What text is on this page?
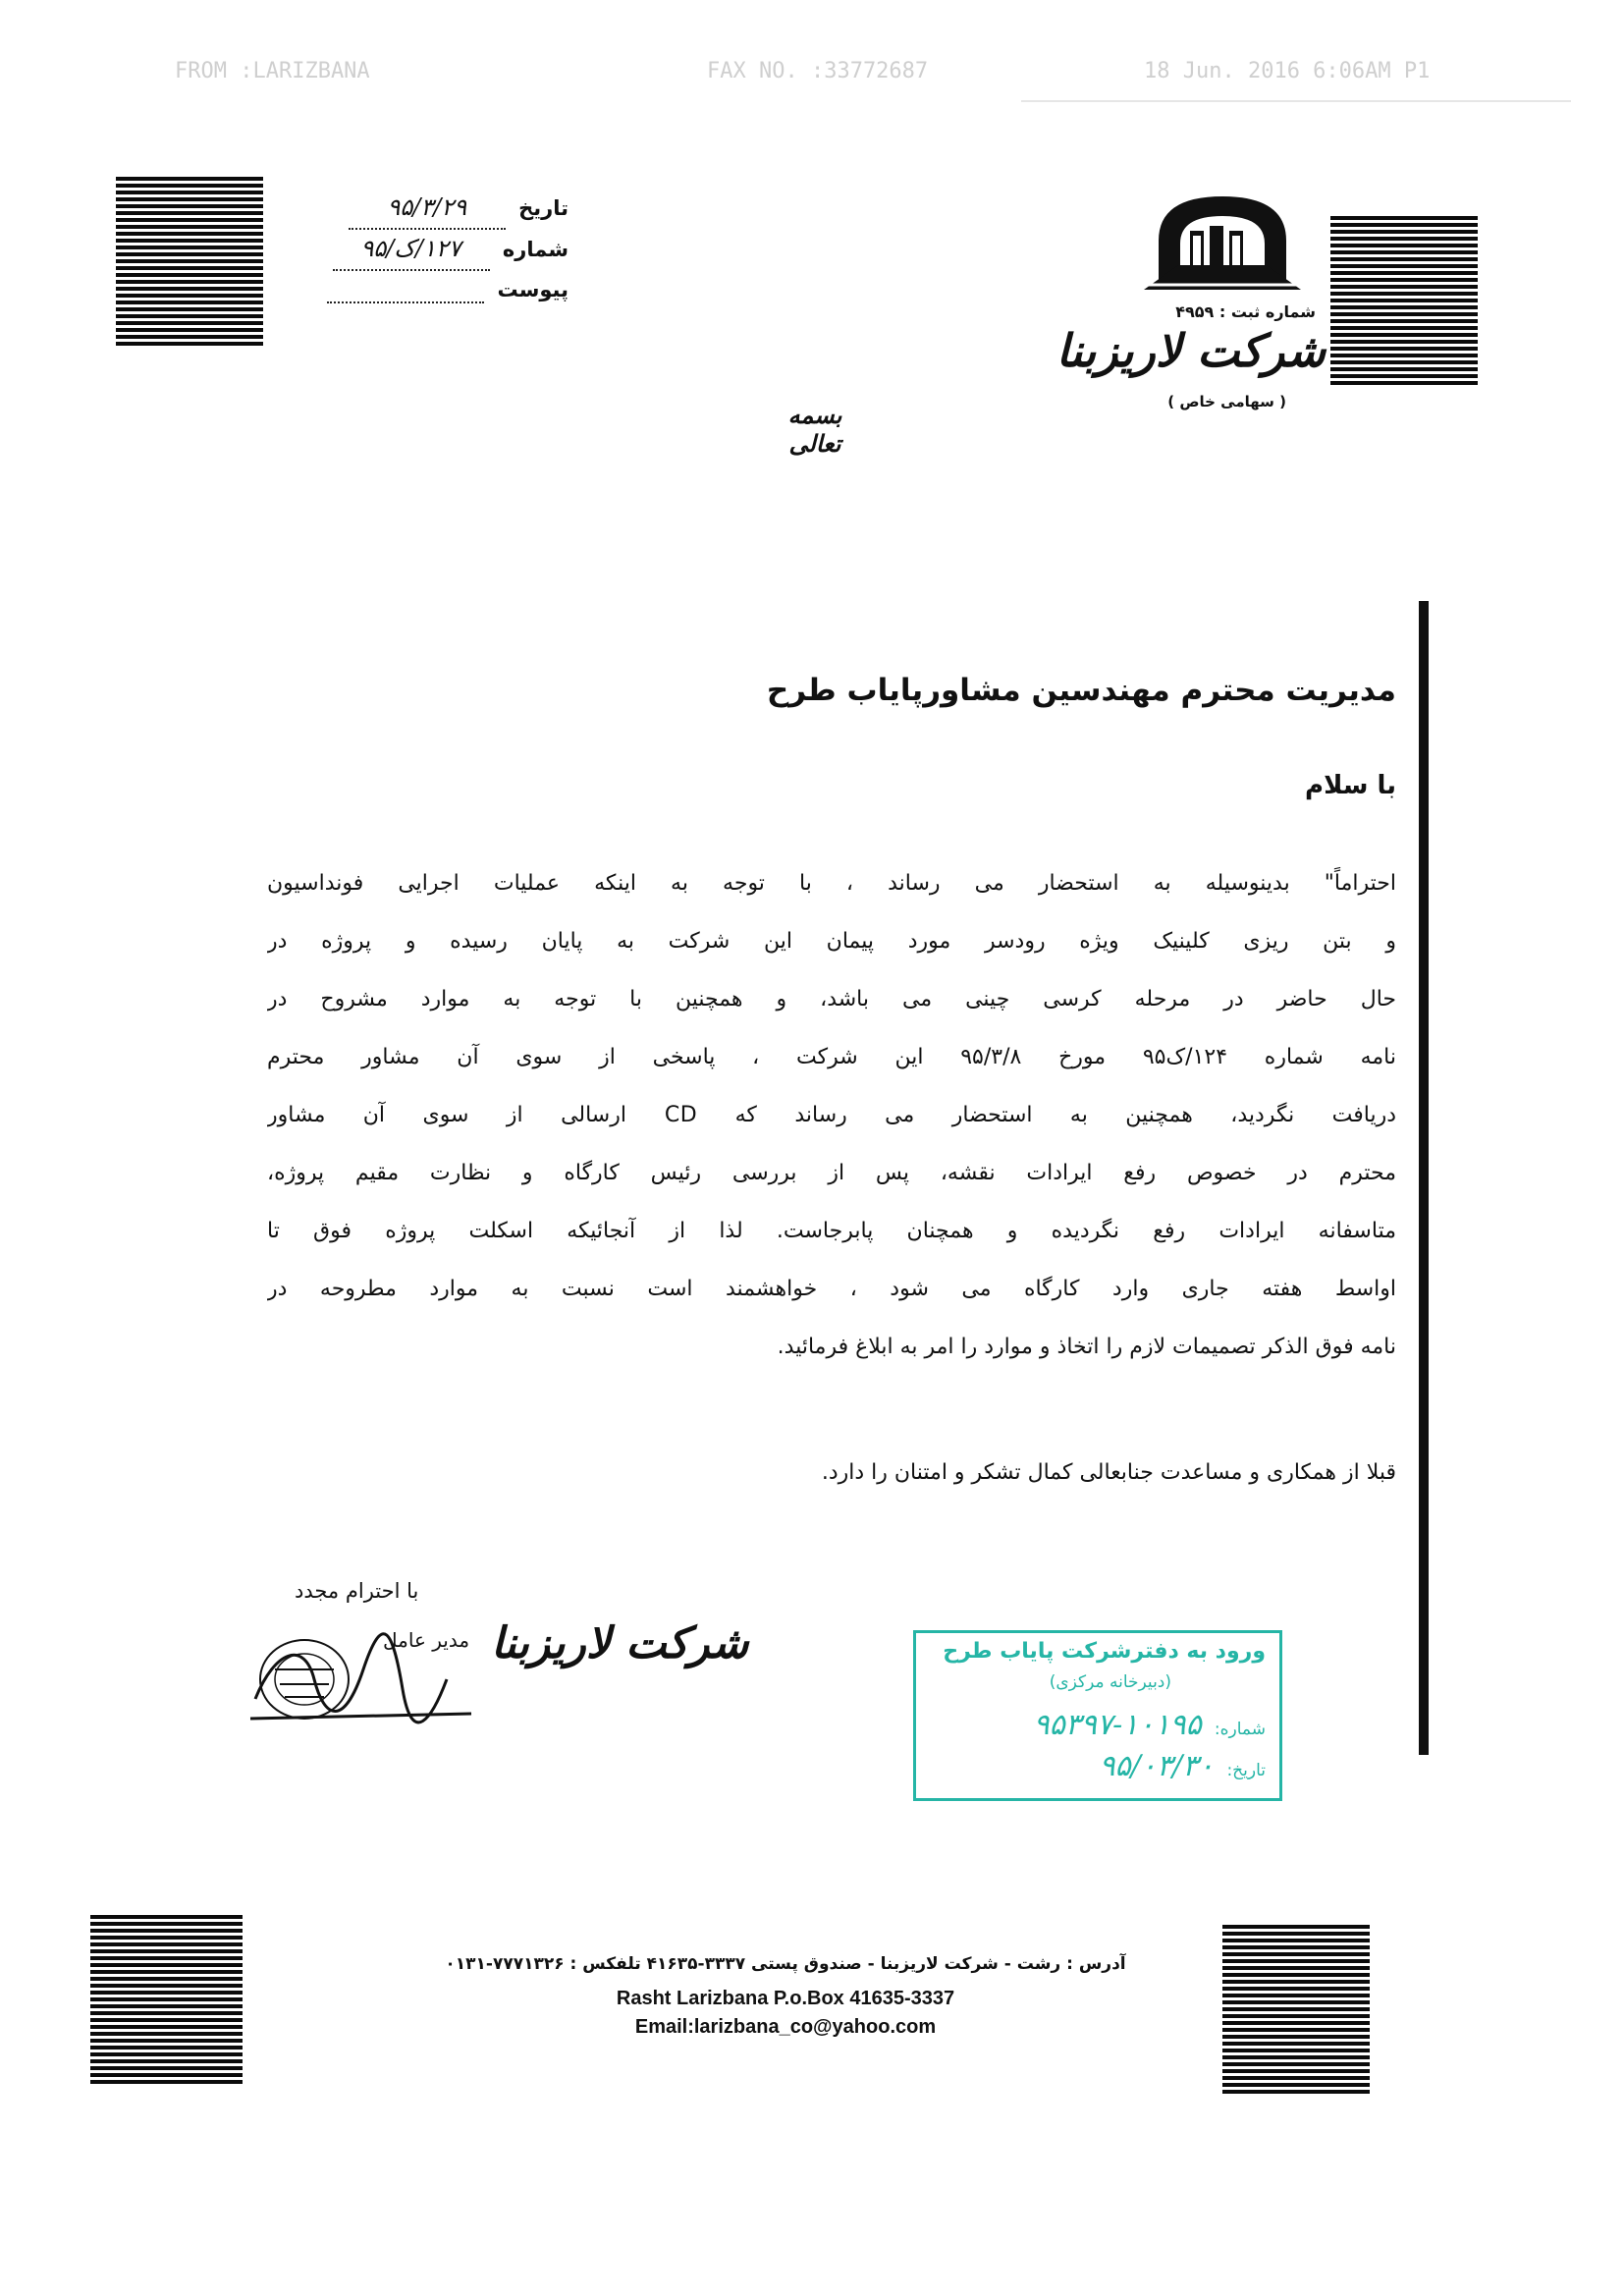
FROM :LARIZBANA	FAX NO. :33772687	18 Jun. 2016 6:06AM P1
تاریخ ۹۵/۳/۲۹
شماره ۱۲۷/ک/۹۵
پیوست
شماره ثبت : ۴۹۵۹
شرکت لاریزبنا
( سهامی خاص )
بسمه تعالی
مدیریت محترم مهندسین مشاورپایاب طرح
با سلام
احتراماً" بدینوسیله به استحضار می رساند ، با توجه به اینکه عملیات اجرایی فونداسیون
و بتن ریزی کلینیک ویژه رودسر مورد پیمان این شرکت به پایان رسیده و پروژه در
حال حاضر در مرحله کرسی چینی می باشد، و همچنین با توجه به موارد مشروح در
نامه شماره ۱۲۴/ک۹۵ مورخ ۹۵/۳/۸ این شرکت ، پاسخی از سوی آن مشاور محترم
دریافت نگردید، همچنین به استحضار می رساند که CD ارسالی از سوی آن مشاور
محترم در خصوص رفع ایرادات نقشه، پس از بررسی رئیس کارگاه و نظارت مقیم پروژه،
متاسفانه ایرادات رفع نگردیده و همچنان پابرجاست. لذا از آنجائیکه اسکلت پروژه فوق تا
اواسط هفته جاری وارد کارگاه می شود ، خواهشمند است نسبت به موارد مطروحه در
نامه فوق الذکر تصمیمات لازم را اتخاذ و موارد را امر به ابلاغ فرمائید.
قبلا از همکاری و مساعدت جنابعالی کمال تشکر و امتنان را دارد.
با احترام مجدد
مدیر عامل شرکت لاریزبنا	ورود به دفترشرکت پایاب طرح
(دبیرخانه مرکزی)
شماره: ۱۰۱۹۵-۹۵۳۹۷
تاریخ: ۹۵/۰۳/۳۰
آدرس : رشت - شرکت لاریزبنا - صندوق پستی ۳۳۳۷-۴۱۶۳۵ تلفکس : ۷۷۷۱۳۲۶-۰۱۳۱
Rasht Larizbana P.o.Box 41635-3337
Email:larizbana_co@yahoo.com
